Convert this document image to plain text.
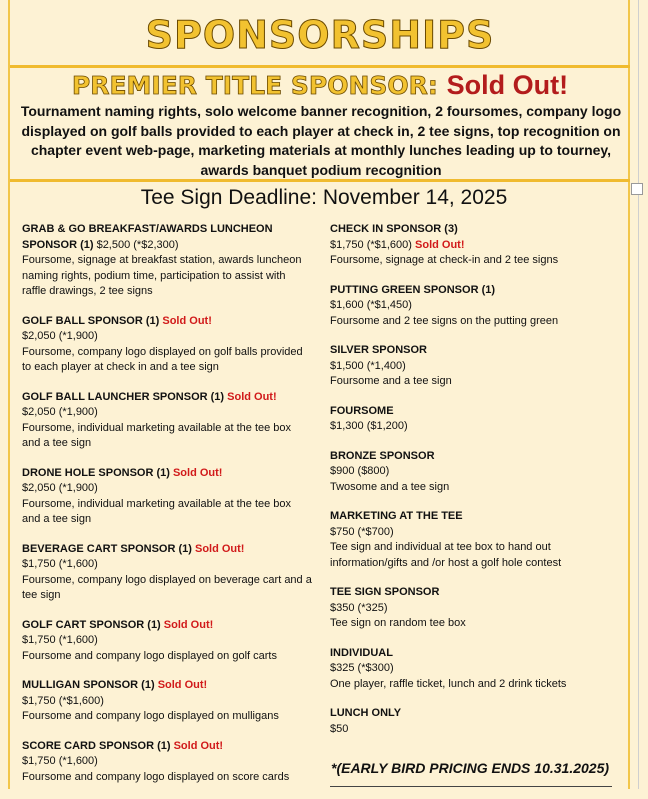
SPONSORSHIPS
PREMIER TITLE SPONSOR: Sold Out!
Tournament naming rights, solo welcome banner recognition, 2 foursomes, company logo displayed on golf balls provided to each player at check in, 2 tee signs, top recognition on chapter event web-page, marketing materials at monthly lunches leading up to tourney, awards banquet podium recognition
Tee Sign Deadline: November 14, 2025
GRAB & GO BREAKFAST/AWARDS LUNCHEON SPONSOR (1) $2,500 (*$2,300)
Foursome, signage at breakfast station, awards luncheon naming rights, podium time, participation to assist with raffle drawings, 2 tee signs
GOLF BALL SPONSOR (1) Sold Out!
$2,050 (*1,900)
Foursome, company logo displayed on golf balls provided to each player at check in and a tee sign
GOLF BALL LAUNCHER SPONSOR (1) Sold Out!
$2,050 (*1,900)
Foursome, individual marketing available at the tee box and a tee sign
DRONE HOLE SPONSOR (1) Sold Out!
$2,050 (*1,900)
Foursome, individual marketing available at the tee box and a tee sign
BEVERAGE CART SPONSOR (1) Sold Out!
$1,750 (*1,600)
Foursome, company logo displayed on beverage cart and a tee sign
GOLF CART SPONSOR (1) Sold Out!
$1,750 (*1,600)
Foursome and company logo displayed on golf carts
MULLIGAN SPONSOR (1) Sold Out!
$1,750 (*$1,600)
Foursome and company logo displayed on mulligans
SCORE CARD SPONSOR (1) Sold Out!
$1,750 (*1,600)
Foursome and company logo displayed on score cards
CHECK IN SPONSOR (3)
$1,750 (*$1,600) Sold Out!
Foursome, signage at check-in and 2 tee signs
PUTTING GREEN SPONSOR (1)
$1,600 (*$1,450)
Foursome and 2 tee signs on the putting green
SILVER SPONSOR
$1,500 (*1,400)
Foursome and a tee sign
FOURSOME
$1,300 ($1,200)
BRONZE SPONSOR
$900 ($800)
Twosome and a tee sign
MARKETING AT THE TEE
$750 (*$700)
Tee sign and individual at tee box to hand out information/gifts and /or host a golf hole contest
TEE SIGN SPONSOR
$350 (*325)
Tee sign on random tee box
INDIVIDUAL
$325 (*$300)
One player, raffle ticket, lunch and 2 drink tickets
LUNCH ONLY
$50
*(EARLY BIRD PRICING ENDS 10.31.2025)
